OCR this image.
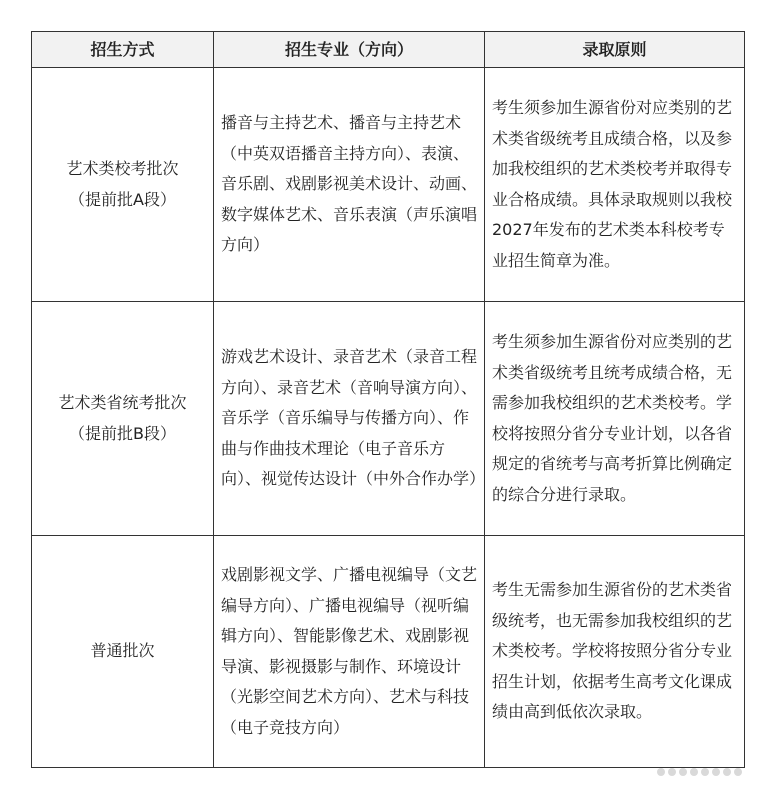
招生方式	招生专业（方向）	录取原则

艺术类校考批次
（提前批A段）	播音与主持艺术、播音与主持艺术（中英双语播音主持方向）、表演、音乐剧、戏剧影视美术设计、动画、数字媒体艺术、音乐表演（声乐演唱方向）	考生须参加生源省份对应类别的艺术类省级统考且成绩合格，以及参加我校组织的艺术类校考并取得专业合格成绩。具体录取规则以我校2027年发布的艺术类本科校考专业招生简章为准。

艺术类省统考批次
（提前批B段）	游戏艺术设计、录音艺术（录音工程方向）、录音艺术（音响导演方向）、音乐学（音乐编导与传播方向）、作曲与作曲技术理论（电子音乐方向）、视觉传达设计（中外合作办学）	考生须参加生源省份对应类别的艺术类省级统考且统考成绩合格，无需参加我校组织的艺术类校考。学校将按照分省分专业计划，以各省规定的省统考与高考折算比例确定的综合分进行录取。

普通批次	戏剧影视文学、广播电视编导（文艺编导方向）、广播电视编导（视听编辑方向）、智能影像艺术、戏剧影视导演、影视摄影与制作、环境设计（光影空间艺术方向）、艺术与科技（电子竞技方向）	考生无需参加生源省份的艺术类省级统考，也无需参加我校组织的艺术类校考。学校将按照分省分专业招生计划，依据考生高考文化课成绩由高到低依次录取。
